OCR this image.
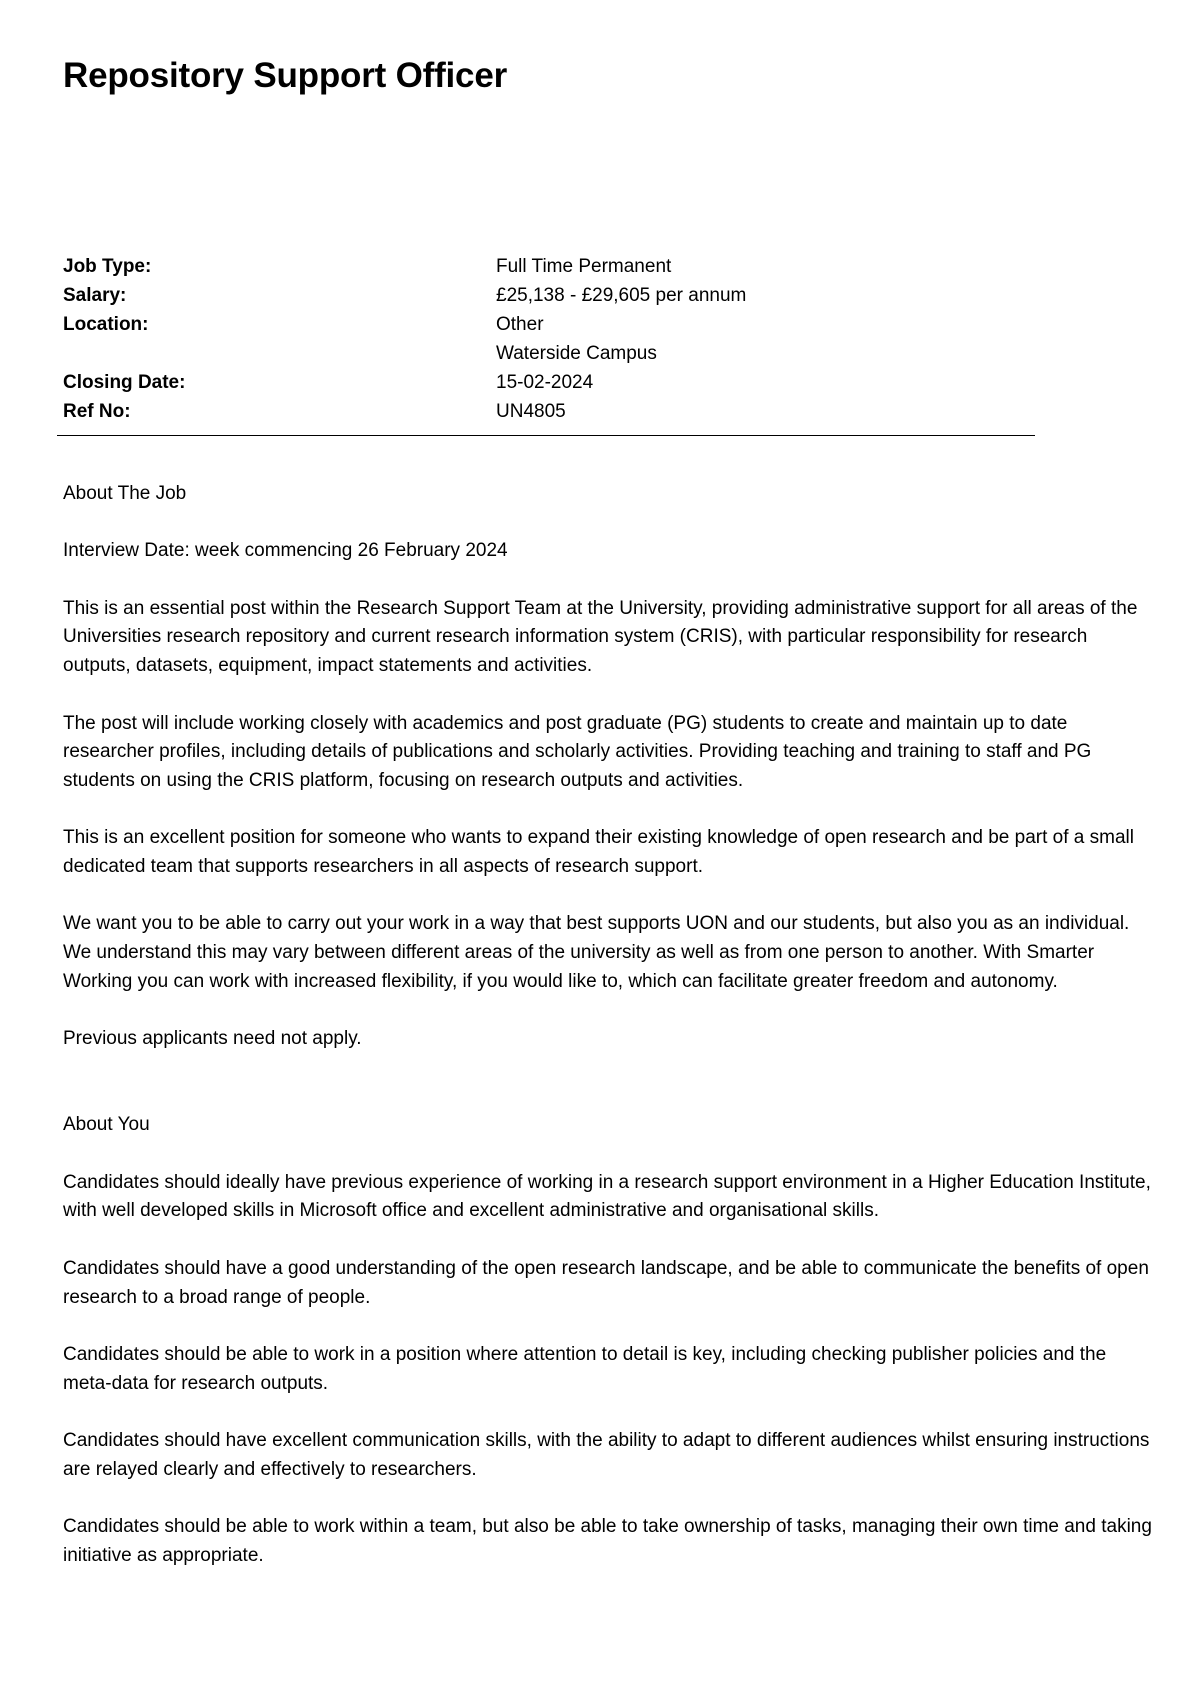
Repository Support Officer
Job Type:	Full Time Permanent
Salary:	£25,138 - £29,605 per annum
Location:	Other
Waterside Campus
Closing Date:	15-02-2024
Ref No:	UN4805

About The Job

Interview Date: week commencing 26 February 2024

This is an essential post within the Research Support Team at the University, providing administrative support for all areas of the Universities research repository and current research information system (CRIS), with particular responsibility for research outputs, datasets, equipment, impact statements and activities.

The post will include working closely with academics and post graduate (PG) students to create and maintain up to date researcher profiles, including details of publications and scholarly activities. Providing teaching and training to staff and PG students on using the CRIS platform, focusing on research outputs and activities.

This is an excellent position for someone who wants to expand their existing knowledge of open research and be part of a small dedicated team that supports researchers in all aspects of research support.

We want you to be able to carry out your work in a way that best supports UON and our students, but also you as an individual. We understand this may vary between different areas of the university as well as from one person to another. With Smarter Working you can work with increased flexibility, if you would like to, which can facilitate greater freedom and autonomy.

Previous applicants need not apply.

About You

Candidates should ideally have previous experience of working in a research support environment in a Higher Education Institute, with well developed skills in Microsoft office and excellent administrative and organisational skills.

Candidates should have a good understanding of the open research landscape, and be able to communicate the benefits of open research to a broad range of people.

Candidates should be able to work in a position where attention to detail is key, including checking publisher policies and the meta-data for research outputs.

Candidates should have excellent communication skills, with the ability to adapt to different audiences whilst ensuring instructions are relayed clearly and effectively to researchers.

Candidates should be able to work within a team, but also be able to take ownership of tasks, managing their own time and taking initiative as appropriate.
